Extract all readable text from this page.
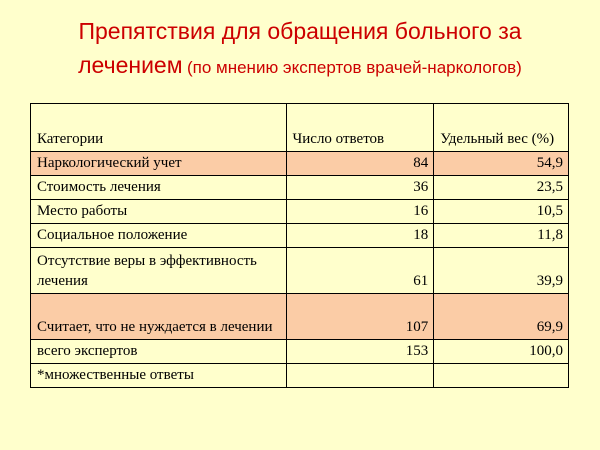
Препятствия для обращения больного за
лечением (по мнению экспертов врачей-наркологов)
Категории	Число ответов	Удельный вес (%)
Наркологический учет	84	54,9
Стоимость лечения	36	23,5
Место работы	16	10,5
Социальное положение	18	11,8
Отсутствие веры в эффективность лечения	61	39,9
Считает, что не нуждается в лечении	107	69,9
всего экспертов	153	100,0
*множественные ответы		
